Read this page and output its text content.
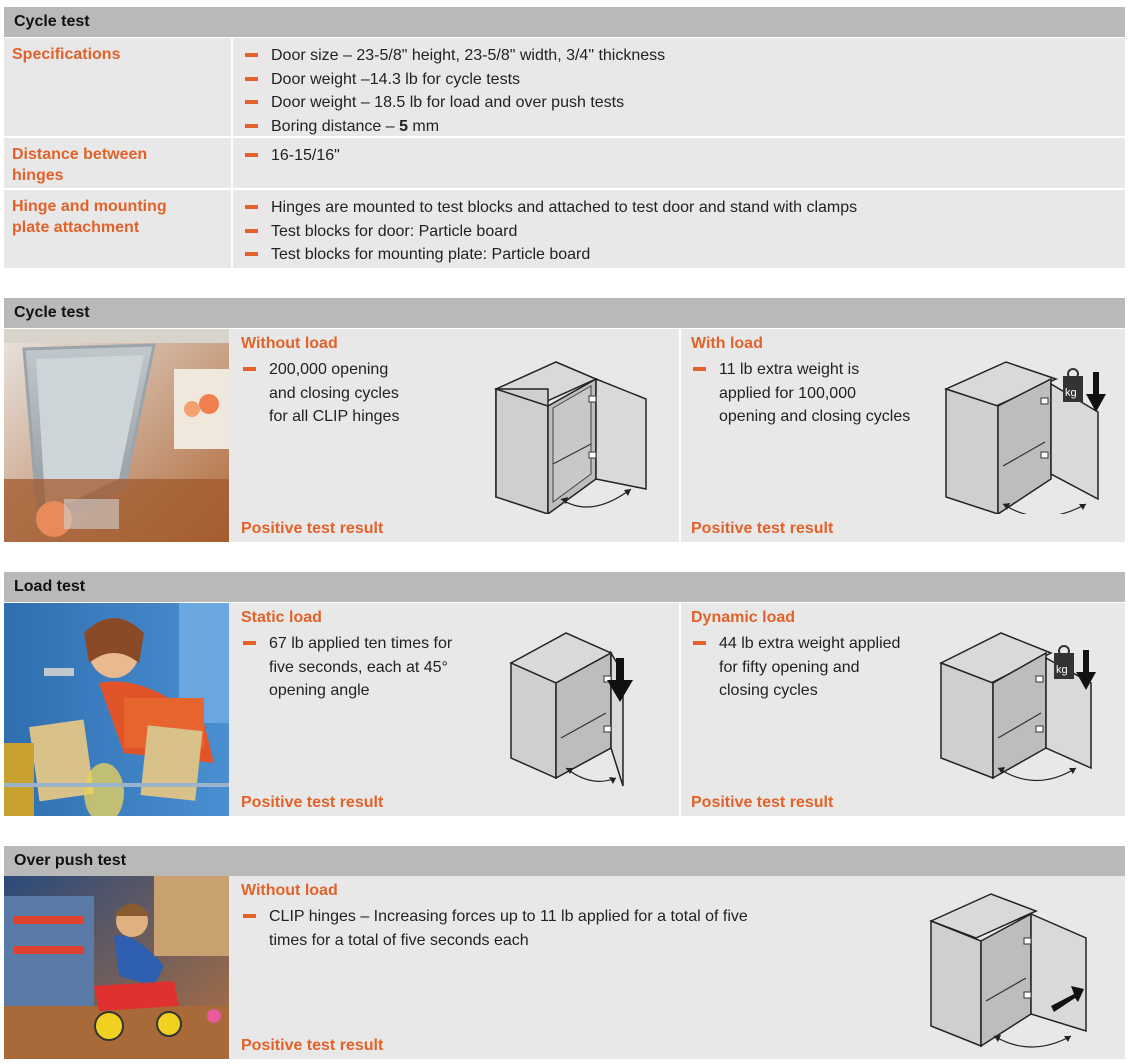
Cycle test
Specifications	Door size – 23-5/8" height, 23-5/8" width, 3/4" thickness
Door weight –14.3 lb for cycle tests
Door weight – 18.5 lb for load and over push tests
Boring distance – 5 mm
Distance between
hinges
16-15/16"
Hinge and mounting
plate attachment
Hinges are mounted to test blocks and attached to test door and stand with clamps
Test blocks for door: Particle board
Test blocks for mounting plate: Particle board
Cycle test
Without load
200,000 opening
and closing cycles
for all CLIP hinges
Positive test result
With load
11 lb extra weight is
applied for 100,000
opening and closing cycles
kg
Positive test result
Load test
Static load
67 lb applied ten times for
five seconds, each at 45°
opening angle
Positive test result
Dynamic load
44 lb extra weight applied
for fifty opening and
closing cycles
kg
Positive test result
Over push test
Without load
CLIP hinges – Increasing forces up to 11 lb applied for a total of five
times for a total of five seconds each
Positive test result
